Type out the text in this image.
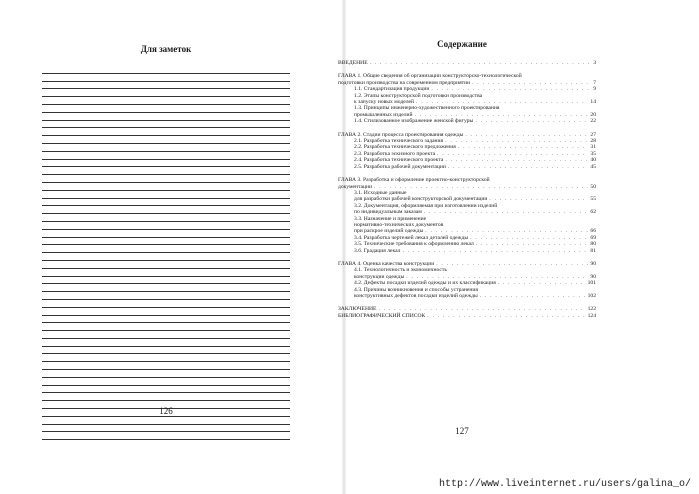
Для заметок
126
Содержание
ВВЕДЕНИЕ . . .	3
ГЛАВА 1. Общие сведения об организации конструкторско-технологической
подготовки производства на современном предприятии . . .	7
1.1. Стандартизация продукции . . .	9
1.2. Этапы конструкторской подготовки производства
к запуску новых моделей . . .	14
1.3. Принципы инженерно-художественного проектирования
промышленных изделий . . .	20
1.4. Стилизованное изображение женской фигуры . . .	22
ГЛАВА 2. Стадии процесса проектирования одежды . . .	27
2.1. Разработка технического задания . . .	28
2.2. Разработка технического предложения . . .	31
2.3. Разработка эскизного проекта . . .	35
2.4. Разработка технического проекта . . .	40
2.5. Разработка рабочей документации . . .	45
ГЛАВА 3. Разработка и оформление проектно-конструкторской
документации . . .	50
3.1. Исходные данные
для разработки рабочей конструкторской документации . . .	55
3.2. Документация, оформляемая при изготовлении изделий
по индивидуальным заказам . . .	62
3.3. Назначение и применение
нормативно-технических документов
при раскрое изделий одежды . . .	66
3.4. Разработка чертежей лекал деталей одежды . . .	69
3.5. Технические требования к оформлению лекал . . .	80
3.6. Градация лекал . . .	81
ГЛАВА 4. Оценка качества конструкции . . .	90
4.1. Технологичность и экономичность
конструкции одежды . . .	90
4.2. Дефекты посадки изделий одежды и их классификация . . .	101
4.3. Причины возникновения и способы устранения
конструктивных дефектов посадки изделий одежды . . .	102
ЗАКЛЮЧЕНИЕ . . .	122
БИБЛИОГРАФИЧЕСКИЙ СПИСОК . . .	124
127
http://www.liveinternet.ru/users/galina_o/
